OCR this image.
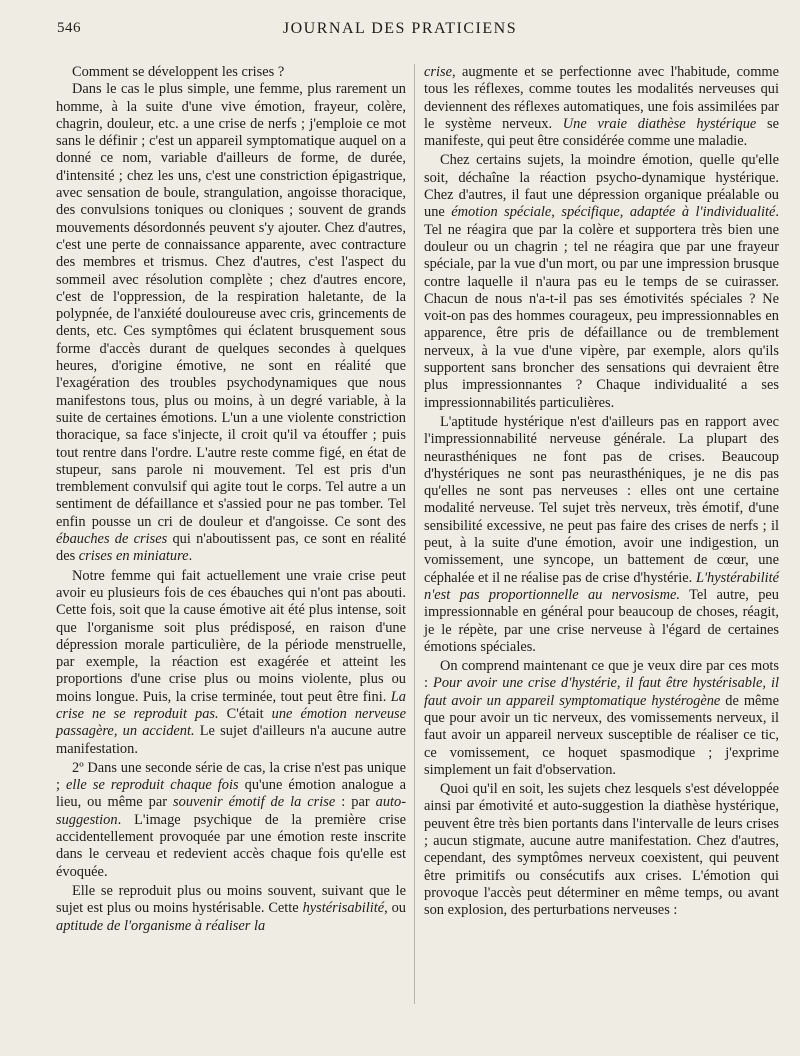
546	JOURNAL DES PRATICIENS

Comment se développent les crises ?

Dans le cas le plus simple, une femme, plus rarement un homme, à la suite d'une vive émotion, frayeur, colère, chagrin, douleur, etc. a une crise de nerfs ; j'emploie ce mot sans le définir ; c'est un appareil symptomatique auquel on a donné ce nom, variable d'ailleurs de forme, de durée, d'intensité ; chez les uns, c'est une constriction épigastrique, avec sensation de boule, strangulation, angoisse thoracique, des convulsions toniques ou cloniques ; souvent de grands mouvements désordonnés peuvent s'y ajouter. Chez d'autres, c'est une perte de connaissance apparente, avec contracture des membres et trismus. Chez d'autres, c'est l'aspect du sommeil avec résolution complète ; chez d'autres encore, c'est de l'oppression, de la respiration haletante, de la polypnée, de l'anxiété douloureuse avec cris, grincements de dents, etc. Ces symptômes qui éclatent brusquement sous forme d'accès durant de quelques secondes à quelques heures, d'origine émotive, ne sont en réalité que l'exagération des troubles psychodynamiques que nous manifestons tous, plus ou moins, à un degré variable, à la suite de certaines émotions. L'un a une violente constriction thoracique, sa face s'injecte, il croit qu'il va étouffer ; puis tout rentre dans l'ordre. L'autre reste comme figé, en état de stupeur, sans parole ni mouvement. Tel est pris d'un tremblement convulsif qui agite tout le corps. Tel autre a un sentiment de défaillance et s'assied pour ne pas tomber. Tel enfin pousse un cri de douleur et d'angoisse. Ce sont des ébauches de crises qui n'aboutissent pas, ce sont en réalité des crises en miniature.

Notre femme qui fait actuellement une vraie crise peut avoir eu plusieurs fois de ces ébauches qui n'ont pas abouti. Cette fois, soit que la cause émotive ait été plus intense, soit que l'organisme soit plus prédisposé, en raison d'une dépression morale particulière, de la période menstruelle, par exemple, la réaction est exagérée et atteint les proportions d'une crise plus ou moins violente, plus ou moins longue. Puis, la crise terminée, tout peut être fini. La crise ne se reproduit pas. C'était une émotion nerveuse passagère, un accident. Le sujet d'ailleurs n'a aucune autre manifestation.

2º Dans une seconde série de cas, la crise n'est pas unique ; elle se reproduit chaque fois qu'une émotion analogue a lieu, ou même par souvenir émotif de la crise : par auto-suggestion. L'image psychique de la première crise accidentellement provoquée par une émotion reste inscrite dans le cerveau et redevient accès chaque fois qu'elle est évoquée.

Elle se reproduit plus ou moins souvent, suivant que le sujet est plus ou moins hystérisable. Cette hystérisabilité, ou aptitude de l'organisme à réaliser la

crise, augmente et se perfectionne avec l'habitude, comme tous les réflexes, comme toutes les modalités nerveuses qui deviennent des réflexes automatiques, une fois assimilées par le système nerveux. Une vraie diathèse hystérique se manifeste, qui peut être considérée comme une maladie.

Chez certains sujets, la moindre émotion, quelle qu'elle soit, déchaîne la réaction psycho-dynamique hystérique. Chez d'autres, il faut une dépression organique préalable ou une émotion spéciale, spécifique, adaptée à l'individualité. Tel ne réagira que par la colère et supportera très bien une douleur ou un chagrin ; tel ne réagira que par une frayeur spéciale, par la vue d'un mort, ou par une impression brusque contre laquelle il n'aura pas eu le temps de se cuirasser. Chacun de nous n'a-t-il pas ses émotivités spéciales ? Ne voit-on pas des hommes courageux, peu impressionnables en apparence, être pris de défaillance ou de tremblement nerveux, à la vue d'une vipère, par exemple, alors qu'ils supportent sans broncher des sensations qui devraient être plus impressionnantes ? Chaque individualité a ses impressionnabilités particulières.

L'aptitude hystérique n'est d'ailleurs pas en rapport avec l'impressionnabilité nerveuse générale. La plupart des neurasthéniques ne font pas de crises. Beaucoup d'hystériques ne sont pas neurasthéniques, je ne dis pas qu'elles ne sont pas nerveuses : elles ont une certaine modalité nerveuse. Tel sujet très nerveux, très émotif, d'une sensibilité excessive, ne peut pas faire des crises de nerfs ; il peut, à la suite d'une émotion, avoir une indigestion, un vomissement, une syncope, un battement de cœur, une céphalée et il ne réalise pas de crise d'hystérie. L'hystérabilité n'est pas proportionnelle au nervosisme. Tel autre, peu impressionnable en général pour beaucoup de choses, réagit, je le répète, par une crise nerveuse à l'égard de certaines émotions spéciales.

On comprend maintenant ce que je veux dire par ces mots : Pour avoir une crise d'hystérie, il faut être hystérisable, il faut avoir un appareil symptomatique hystérogène de même que pour avoir un tic nerveux, des vomissements nerveux, il faut avoir un appareil nerveux susceptible de réaliser ce tic, ce vomissement, ce hoquet spasmodique ; j'exprime simplement un fait d'observation.

Quoi qu'il en soit, les sujets chez lesquels s'est développée ainsi par émotivité et auto-suggestion la diathèse hystérique, peuvent être très bien portants dans l'intervalle de leurs crises ; aucun stigmate, aucune autre manifestation. Chez d'autres, cependant, des symptômes nerveux coexistent, qui peuvent être primitifs ou consécutifs aux crises. L'émotion qui provoque l'accès peut déterminer en même temps, ou avant son explosion, des perturbations nerveuses :
